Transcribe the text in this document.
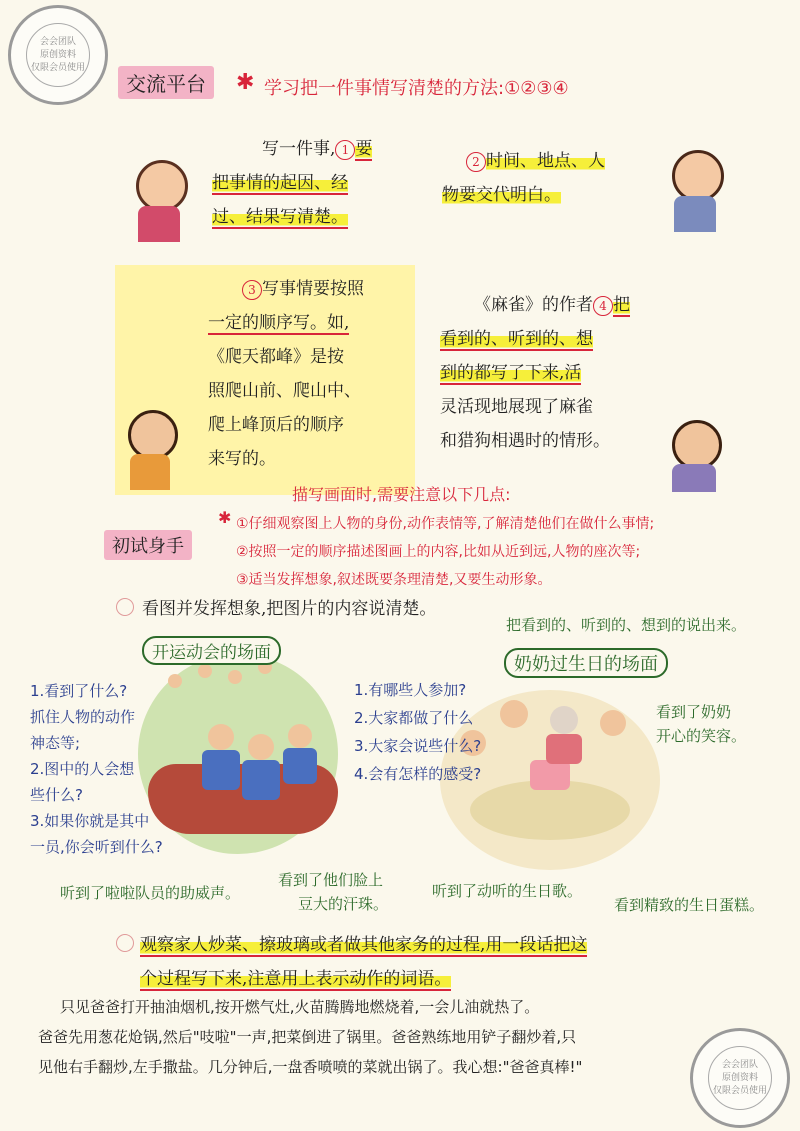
会会团队
原创资料
仅限会员使用
会会团队
原创资料
仅限会员使用
交流平台	✱ 学习把一件事情写清楚的方法:①②③④
写一件事, 1 要
把事情的起因、经
过、结果写清楚。
2 时间、地点、人
物要交代明白。
3 写事情要按照
一定的顺序写。如,
《爬天都峰》是按
照爬山前、爬山中、
爬上峰顶后的顺序
来写的。
《麻雀》的作者 4 把
看到的、听到的、想
到的都写了下来,活
灵活现地展现了麻雀
和猎狗相遇时的情形。
描写画面时,需要注意以下几点:
初试身手
✱ ①仔细观察图上人物的身份,动作表情等,了解清楚他们在做什么事情;
②按照一定的顺序描述图画上的内容,比如从近到远,人物的座次等;
③适当发挥想象,叙述既要条理清楚,又要生动形象。
看图并发挥想象,把图片的内容说清楚。
把看到的、听到的、想到的说出来。
开运动会的场面
1.看到了什么?
抓住人物的动作
神态等;
2.图中的人会想
些什么?
3.如果你就是其中
一员,你会听到什么?
听到了啦啦队员的助威声。
看到了他们脸上
豆大的汗珠。
奶奶过生日的场面
1.有哪些人参加?
2.大家都做了什么
3.大家会说些什么?
4.会有怎样的感受?
看到了奶奶
开心的笑容。
听到了动听的生日歌。
看到精致的生日蛋糕。
观察家人炒菜、擦玻璃或者做其他家务的过程,用一段话把这
个过程写下来,注意用上表示动作的词语。
只见爸爸打开抽油烟机,按开燃气灶,火苗腾腾地燃烧着,一会儿油就热了。
爸爸先用葱花炝锅,然后"吱啦"一声,把菜倒进了锅里。爸爸熟练地用铲子翻炒着,只
见他右手翻炒,左手撒盐。几分钟后,一盘香喷喷的菜就出锅了。我心想:"爸爸真棒!"
